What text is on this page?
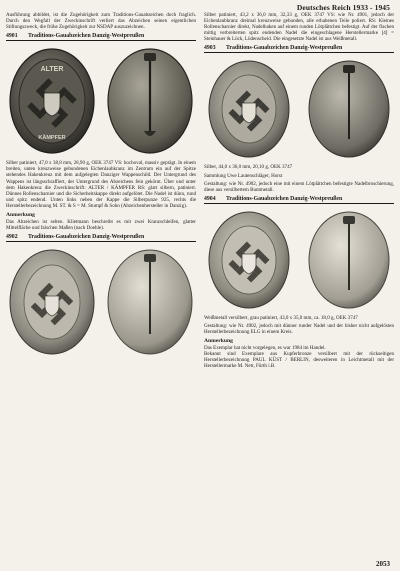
Deutsches Reich 1933 - 1945

Ausführung abbildet, ist die Zugehörigkeit zum Traditions-Gauabzeichen doch fraglich. Durch den Wegfall der Zweckinschrift verliert das Abzeichen seinen eigentlichen Stiftungszweck, die frühe Zugehörigkeit zur NSDAP auszuzeichnen.

4901	Traditions-Gauabzeichen Danzig-Westpreußen
ALTER
KÄMPFER

Silber patiniert, 47,0 x 38,8 mm, 28,90 g, OEK 3747 VS: hochoval, massiv geprägt. In einem breiten, unten kreuzweise gebundenen Eichenlaubkranz im Zentrum ein auf der Spitze stehendes Hakenkreuz mit dem aufgelegten Danziger Wappenschild. Der Untergrund des Wappens ist längsschraffiert, der Untergrund des Abzeichens fein gekörnt. Über und unter dem Hakenkreuz die Zweckinschrift: ALTER / KÄMPFER RS: glatt silbern, patiniert. Dünnes Rollenscharnier und die Sicherheitskappe direkt aufgelötet. Die Nadel ist dünn, rund und spitz endend. Unten links neben der Kappe die Silberpunze 925, rechts die Herstellerbezeichnung M. ST. & S = M. Stumpf & Sohn (Abzeichenhersteller in Danzig).

Anmerkung

Das Abzeichen ist selten. Klietmann beschreibt es mit zwei Kranzschleifen, glatter Mittelfläche und falschen Maßen (nach Doehle).

4902	Traditions-Gauabzeichen Danzig-Westpreußen

Silber patiniert, 43,2 x 36,0 mm, 32,33 g, OEK 3747 VS: wie Nr. 4901, jedoch der Eichenlaubkranz dreimal kreuzweise gebunden, alle erhabenen Teile poliert. RS: Kleines Rollenscharnier direkt, Nadelhaken auf einem runden Lötplättchen befestigt. Auf der flachen mittig verbreiterten spitz endenden Nadel die eingeschlagene Herstellermarke [4] = Steinhauer & Lück, Lüdenscheid. Die eingesetzte Nadel ist aus Weißmetall.

4903	Traditions-Gauabzeichen Danzig-Westpreußen

Silber, 44,0 x 36,0 mm, 20,10 g, OEK 3747

Sammlung Uwe Lautenschläger, Horst

Gestaltung: wie Nr. 4902, jedoch eine mit einem Lötplättchen befestigte Nadelbroschierung, diese aus versilbertem Buntmetall.

4904	Traditions-Gauabzeichen Danzig-Westpreußen

Weißmetall versilbert, grau patiniert, 43,0 x 35,0 mm, ca. 18,0 g, OEK 3747

Gestaltung: wie Nr. 4902, jedoch mit dünner runder Nadel und der bisher nicht aufgelösten Herstellerbezeichnung ELG in einem Kreis.

Anmerkung

Das Exemplar hat nicht vorgelegen, es war 1984 im Handel.

Bekannt sind Exemplare aus Kupferbronze versilbert mit der rückseitigen Herstellerbezeichnung PAUL KÜST / BERLIN, desweiteren in Leichtmetall mit der Herstellermarke M. Nett, Fürth i.B.

2053
